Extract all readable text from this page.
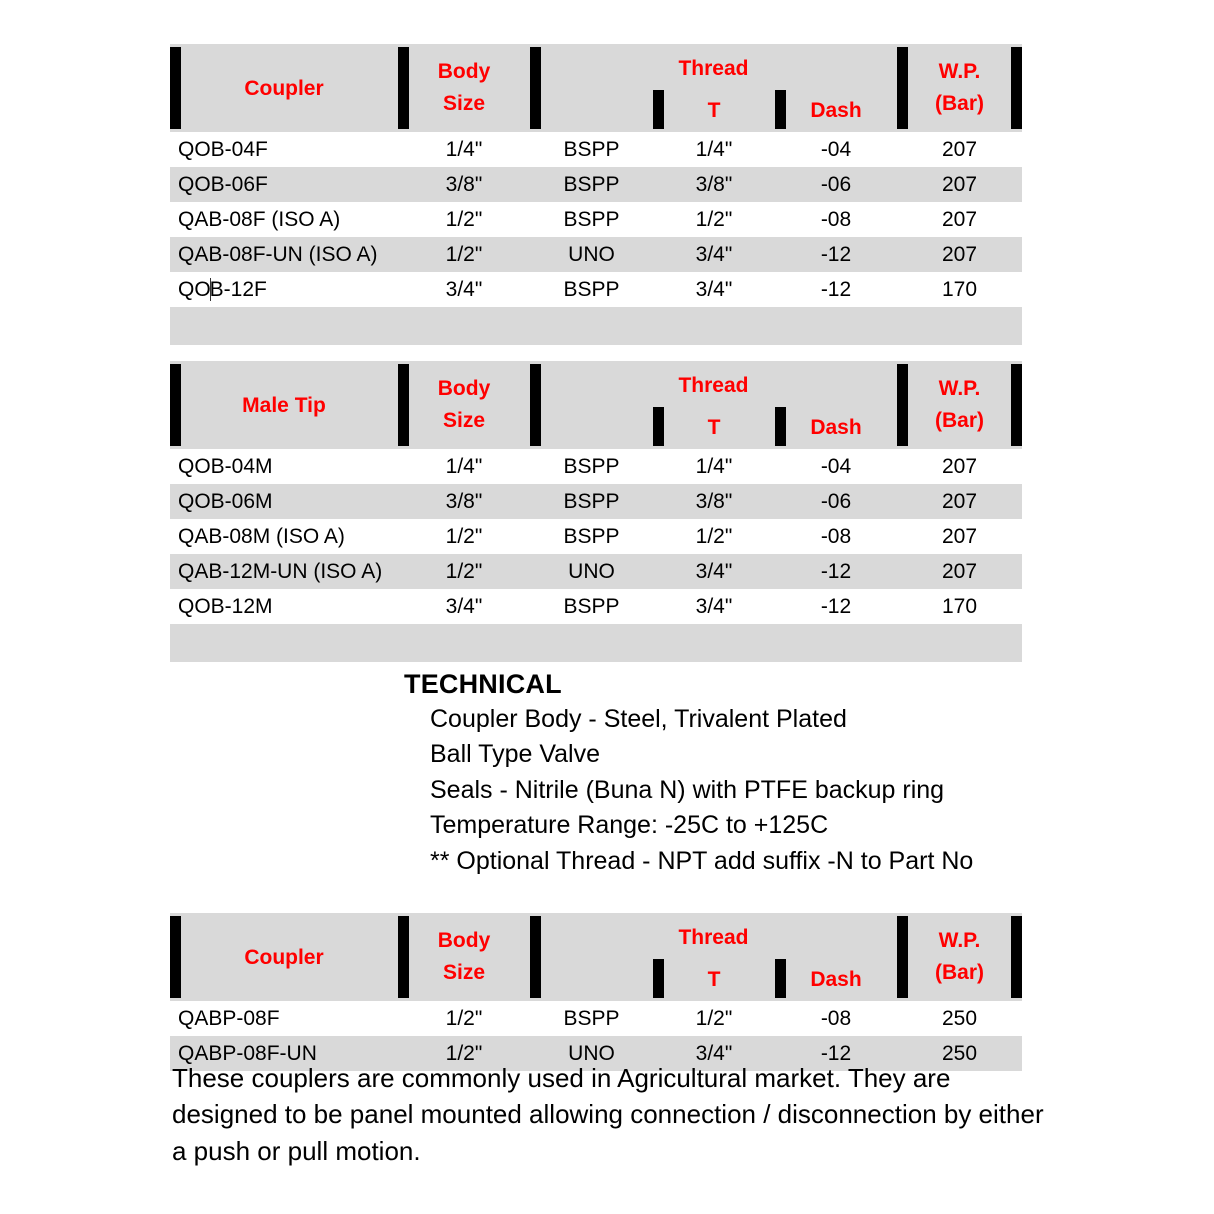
Coupler
Body
Size
Thread
T	Dash
W.P.
(Bar)
QOB-04F	1/4"	BSPP	1/4"	-04	207
QOB-06F	3/8"	BSPP	3/8"	-06	207
QAB-08F (ISO A)	1/2"	BSPP	1/2"	-08	207
QAB-08F-UN (ISO A)	1/2"	UNO	3/4"	-12	207
QOB-12F	3/4"	BSPP	3/4"	-12	170

Male Tip
Body
Size
Thread
T	Dash
W.P.
(Bar)
QOB-04M	1/4"	BSPP	1/4"	-04	207
QOB-06M	3/8"	BSPP	3/8"	-06	207
QAB-08M (ISO A)	1/2"	BSPP	1/2"	-08	207
QAB-12M-UN (ISO A)	1/2"	UNO	3/4"	-12	207
QOB-12M	3/4"	BSPP	3/4"	-12	170

TECHNICAL
Coupler Body - Steel, Trivalent Plated
Ball Type Valve
Seals - Nitrile (Buna N) with PTFE backup ring
Temperature Range: -25C to +125C
** Optional Thread - NPT add suffix -N to Part No
Coupler
Body
Size
Thread
T	Dash
W.P.
(Bar)
QABP-08F	1/2"	BSPP	1/2"	-08	250
QABP-08F-UN	1/2"	UNO	3/4"	-12	250
These couplers are commonly used in Agricultural market. They are designed to be panel mounted allowing connection / disconnection by either a push or pull motion.
